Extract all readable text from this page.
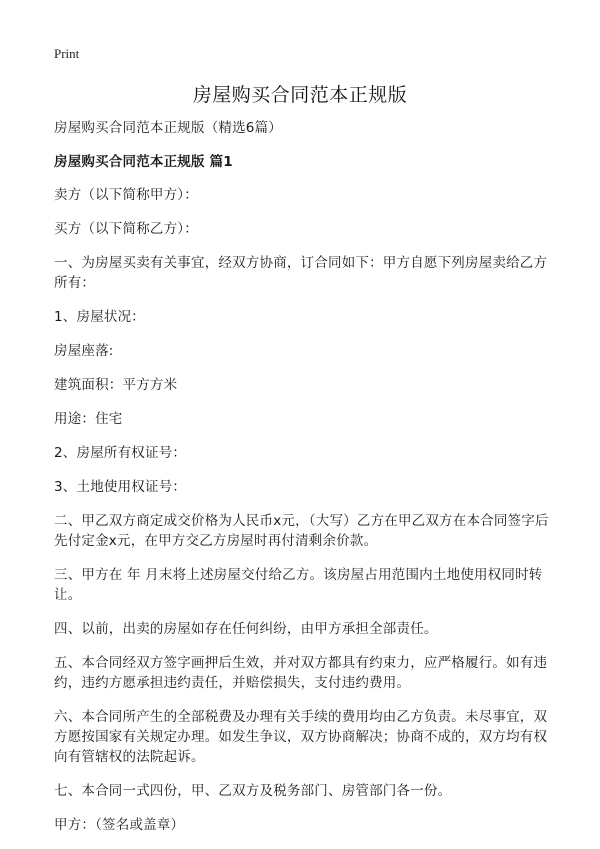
Print
房屋购买合同范本正规版

房屋购买合同范本正规版（精选6篇）

房屋购买合同范本正规版 篇1

卖方（以下简称甲方）：

买方（以下简称乙方）：

一、为房屋买卖有关事宜，经双方协商，订合同如下：甲方自愿下列房屋卖给乙方所有：

1、房屋状况：

房屋座落:

建筑面积：平方方米

用途：住宅

2、房屋所有权证号：

3、土地使用权证号：

二、甲乙双方商定成交价格为人民币x元，（大写）乙方在甲乙双方在本合同签字后先付定金x元，在甲方交乙方房屋时再付清剩余价款。

三、甲方在 年 月末将上述房屋交付给乙方。该房屋占用范围内土地使用权同时转让。

四、以前，出卖的房屋如存在任何纠纷，由甲方承担全部责任。

五、本合同经双方签字画押后生效，并对双方都具有约束力，应严格履行。如有违约，违约方愿承担违约责任，并赔偿损失，支付违约费用。

六、本合同所产生的全部税费及办理有关手续的费用均由乙方负责。未尽事宜，双方愿按国家有关规定办理。如发生争议，双方协商解决；协商不成的，双方均有权向有管辖权的法院起诉。

七、本合同一式四份，甲、乙双方及税务部门、房管部门各一份。

甲方：（签名或盖章）
